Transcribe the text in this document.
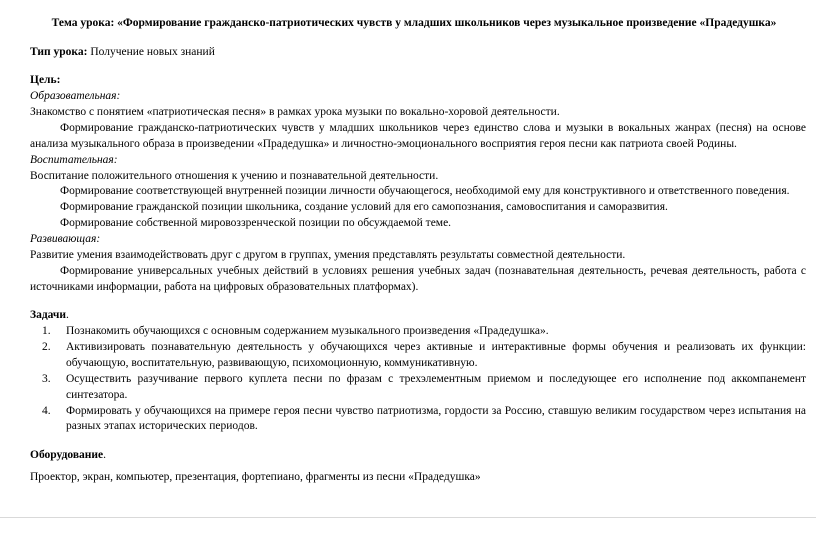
Тема урока: «Формирование гражданско-патриотических чувств у младших школьников через музыкальное произведение «Прадедушка»

Тип урока: Получение новых знаний

Цель:

Образовательная:

Знакомство с понятием «патриотическая песня» в рамках урока музыки по вокально-хоровой деятельности.

Формирование гражданско-патриотических чувств у младших школьников через единство слова и музыки в вокальных жанрах (песня) на основе анализа музыкального образа в произведении «Прадедушка» и личностно-эмоционального восприятия героя песни как патриота своей Родины.

Воспитательная:

Воспитание положительного отношения к учению и познавательной деятельности.

Формирование соответствующей внутренней позиции личности обучающегося, необходимой ему для конструктивного и ответственного поведения.

Формирование гражданской позиции школьника, создание условий для его самопознания, самовоспитания и саморазвития.

Формирование собственной мировоззренческой позиции по обсуждаемой теме.

Развивающая:

Развитие умения взаимодействовать друг с другом в группах, умения представлять результаты совместной деятельности.

Формирование универсальных учебных действий в условиях решения учебных задач (познавательная деятельность, речевая деятельность, работа с источниками информации, работа на цифровых образовательных платформах).

Задачи.

1.	Познакомить обучающихся с основным содержанием музыкального произведения «Прадедушка».
2.	Активизировать познавательную деятельность у обучающихся через активные и интерактивные формы обучения и реализовать их функции: обучающую, воспитательную, развивающую, психомоционную, коммуникативную.
3.	Осуществить разучивание первого куплета песни по фразам с трехэлементным приемом и последующее его исполнение под аккомпанемент синтезатора.
4.	Формировать у обучающихся на примере героя песни чувство патриотизма, гордости за Россию, ставшую великим государством через испытания на разных этапах исторических периодов.

Оборудование.

Проектор, экран, компьютер, презентация, фортепиано, фрагменты из песни «Прадедушка»
